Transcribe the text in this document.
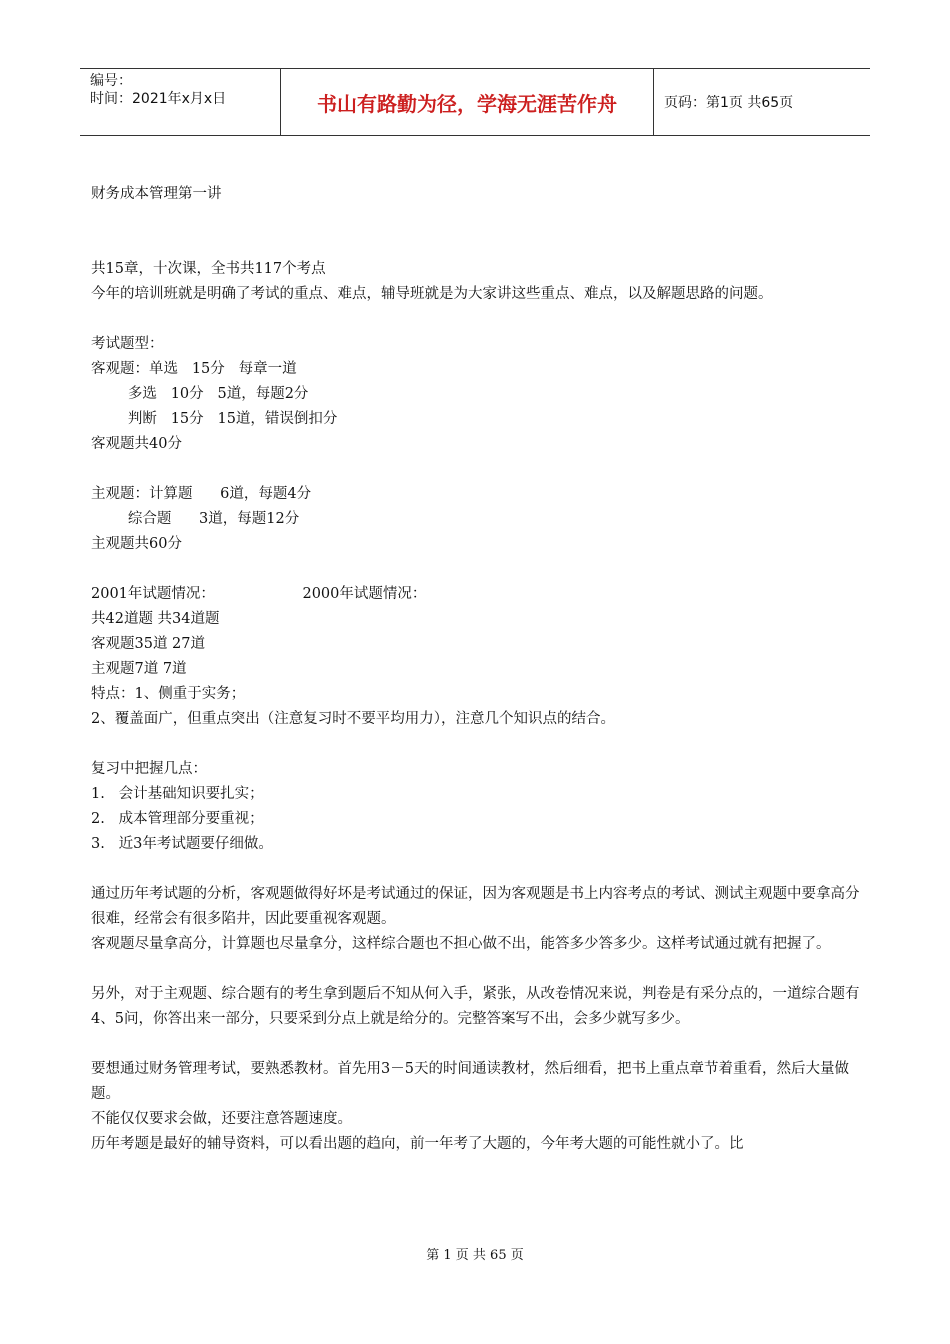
编号：
时间：2021年x月x日	书山有路勤为径，学海无涯苦作舟	页码：第1页 共65页

财务成本管理第一讲

共15章，十次课，全书共117个考点

今年的培训班就是明确了考试的重点、难点，辅导班就是为大家讲这些重点、难点，以及解题思路的问题。

考试题型：

客观题：单选   15分   每章一道

多选   10分   5道，每题2分

判断   15分   15道，错误倒扣分

客观题共40分

主观题：计算题      6道，每题4分

综合题      3道，每题12分

主观题共60分

2001年试题情况：                   2000年试题情况：

共42道题 共34道题

客观题35道 27道

主观题7道 7道

特点：1、侧重于实务；

2、覆盖面广，但重点突出（注意复习时不要平均用力），注意几个知识点的结合。

复习中把握几点：

1.   会计基础知识要扎实；

2.   成本管理部分要重视；

3.   近3年考试题要仔细做。

通过历年考试题的分析，客观题做得好坏是考试通过的保证，因为客观题是书上内容考点的考试、测试主观题中要拿高分很难，经常会有很多陷井，因此要重视客观题。

客观题尽量拿高分，计算题也尽量拿分，这样综合题也不担心做不出，能答多少答多少。这样考试通过就有把握了。

另外，对于主观题、综合题有的考生拿到题后不知从何入手，紧张，从改卷情况来说，判卷是有采分点的，一道综合题有4、5问，你答出来一部分，只要采到分点上就是给分的。完整答案写不出，会多少就写多少。

要想通过财务管理考试，要熟悉教材。首先用3－5天的时间通读教材，然后细看，把书上重点章节着重看，然后大量做题。

不能仅仅要求会做，还要注意答题速度。

历年考题是最好的辅导资料，可以看出题的趋向，前一年考了大题的，今年考大题的可能性就小了。比

第 1 页 共 65 页
